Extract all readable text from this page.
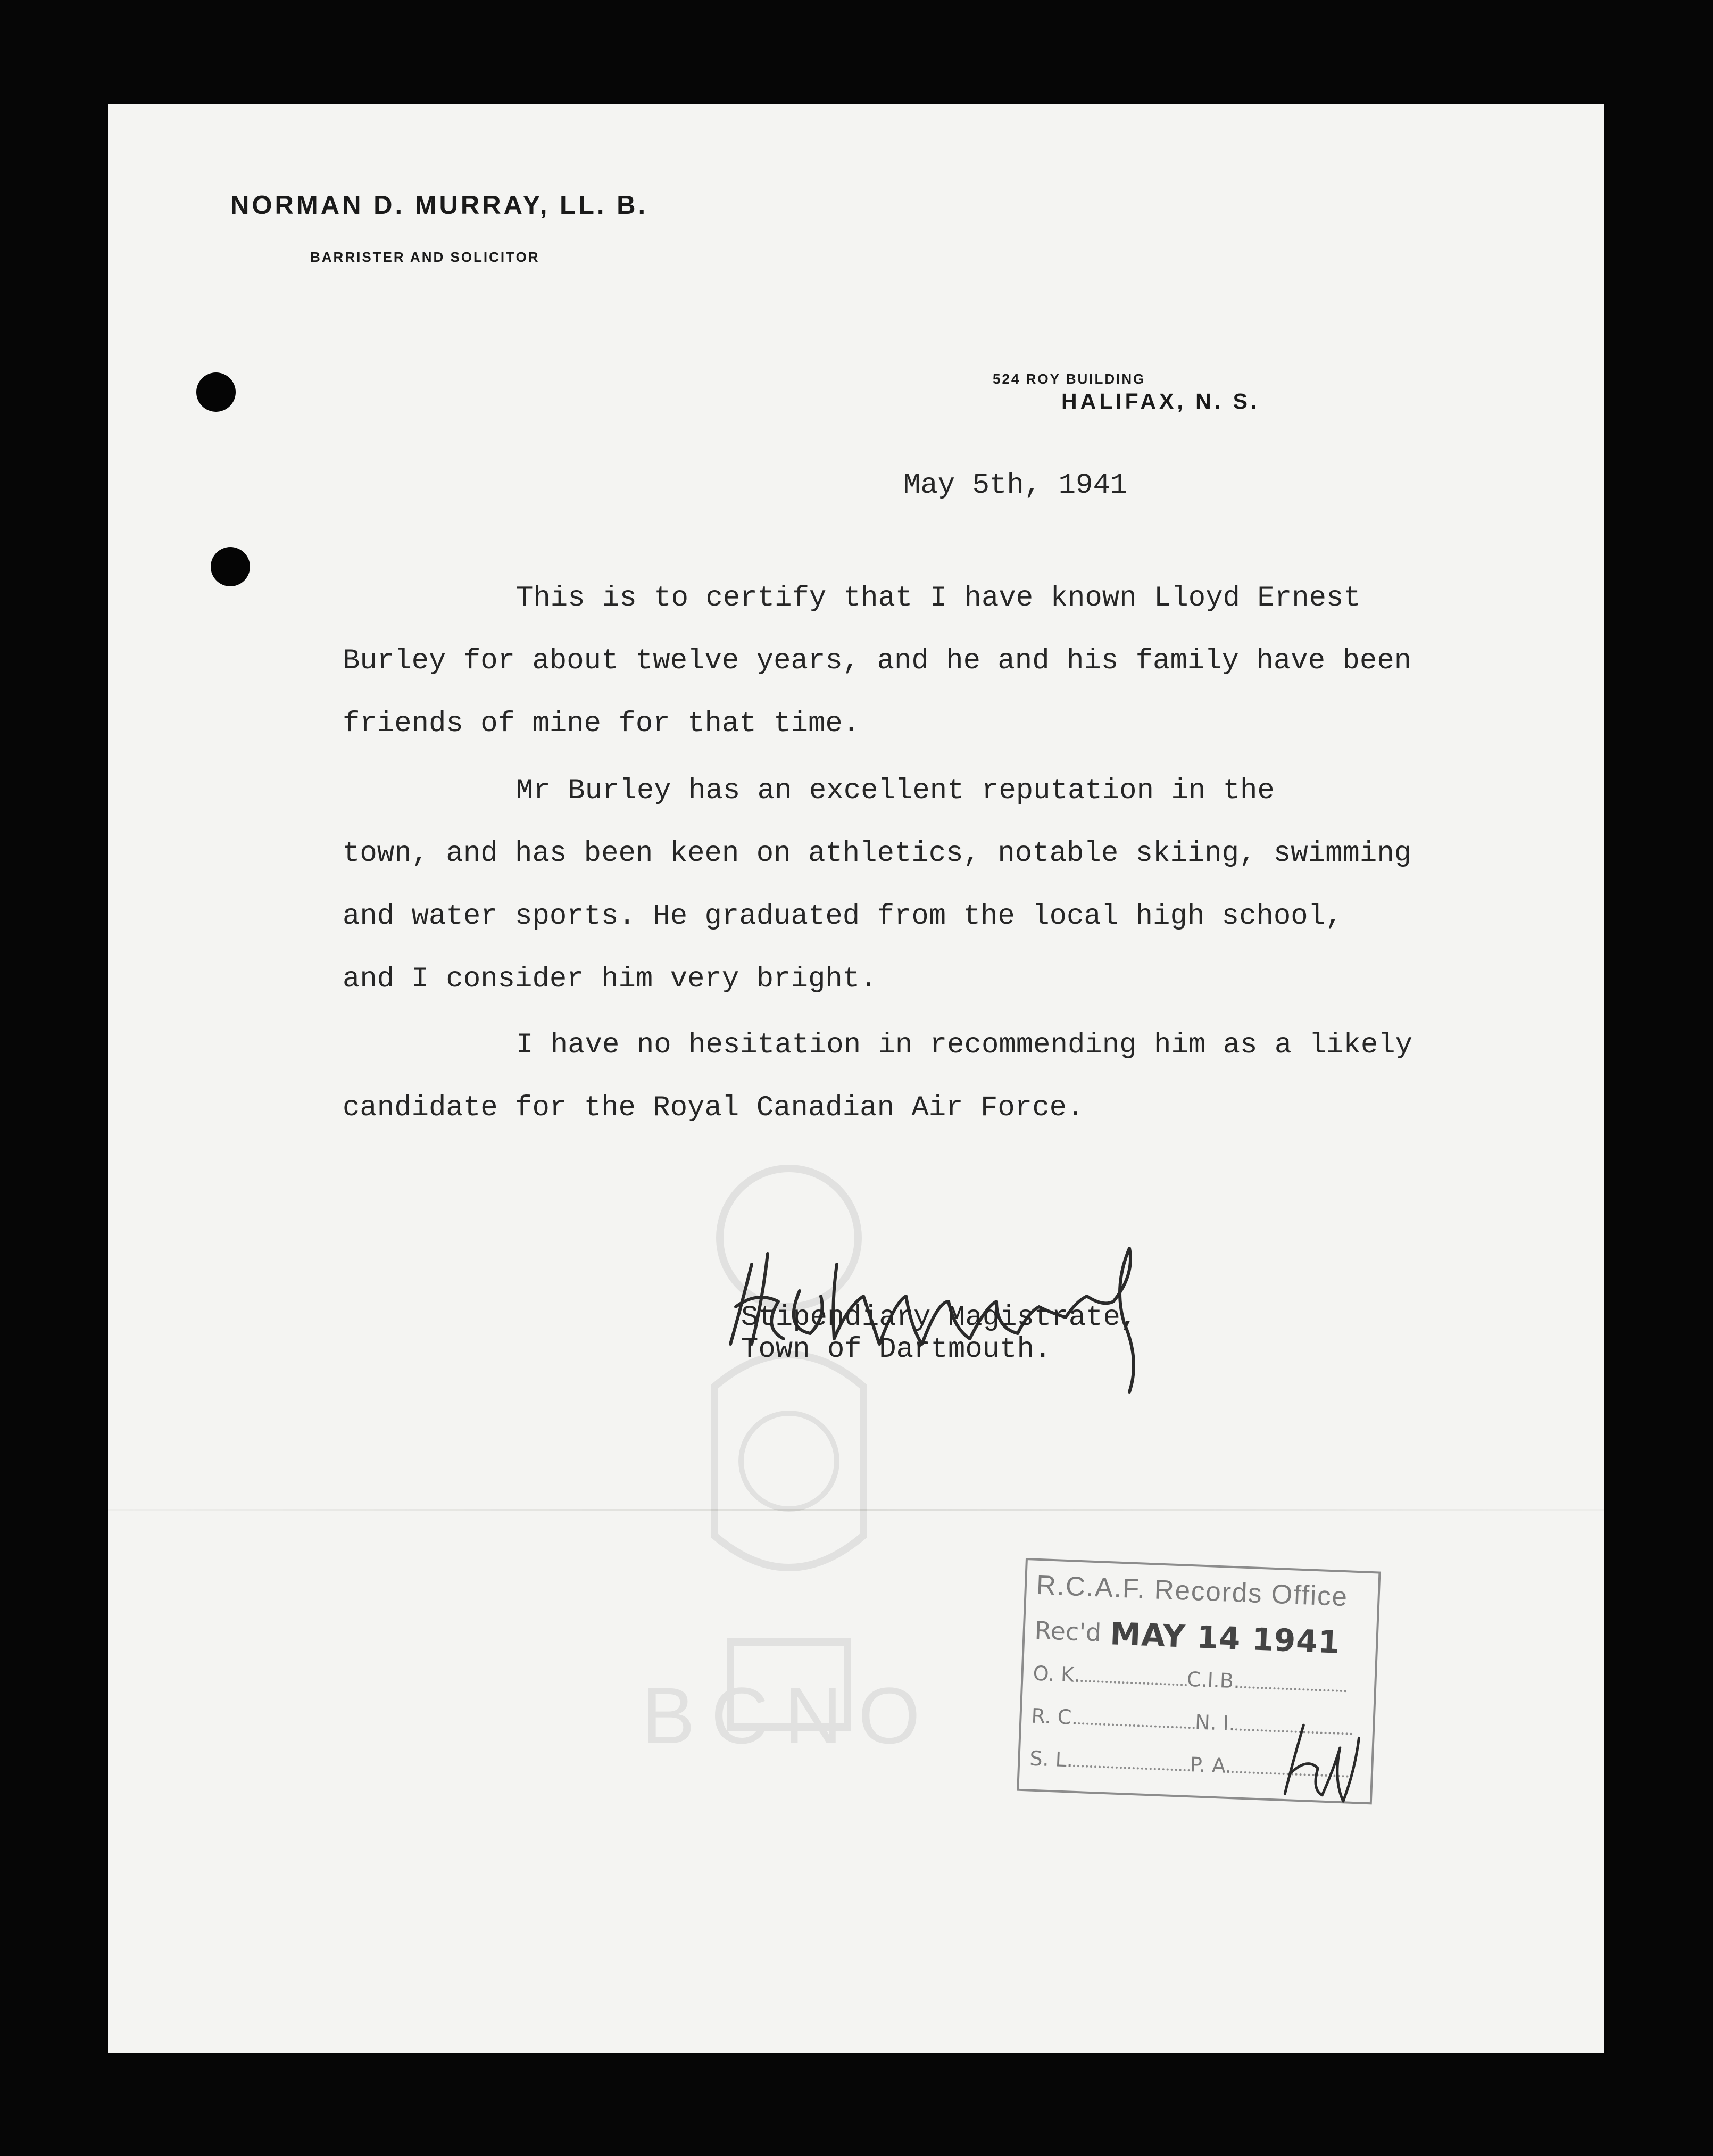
BCNO
NORMAN D. MURRAY, LL. B.
BARRISTER AND SOLICITOR
524 ROY BUILDING
HALIFAX, N. S.
May 5th, 1941
This is to certify that I have known Lloyd Ernest
Burley for about twelve years, and he and his family have been
friends of mine for that time.
Mr Burley has an excellent reputation in the
town, and has been keen on athletics, notable skiing, swimming
and water sports. He graduated from the local high school,
and I consider him very bright.
I have no hesitation in recommending him as a likely
candidate for the Royal Canadian Air Force.
Stipendiary Magistrate,
Town of Dartmouth.
R.C.A.F. Records Office
Rec'd MAY 14 1941
O. K.	C.I.B.
R. C.	N. I.
S. L.	P. A.
